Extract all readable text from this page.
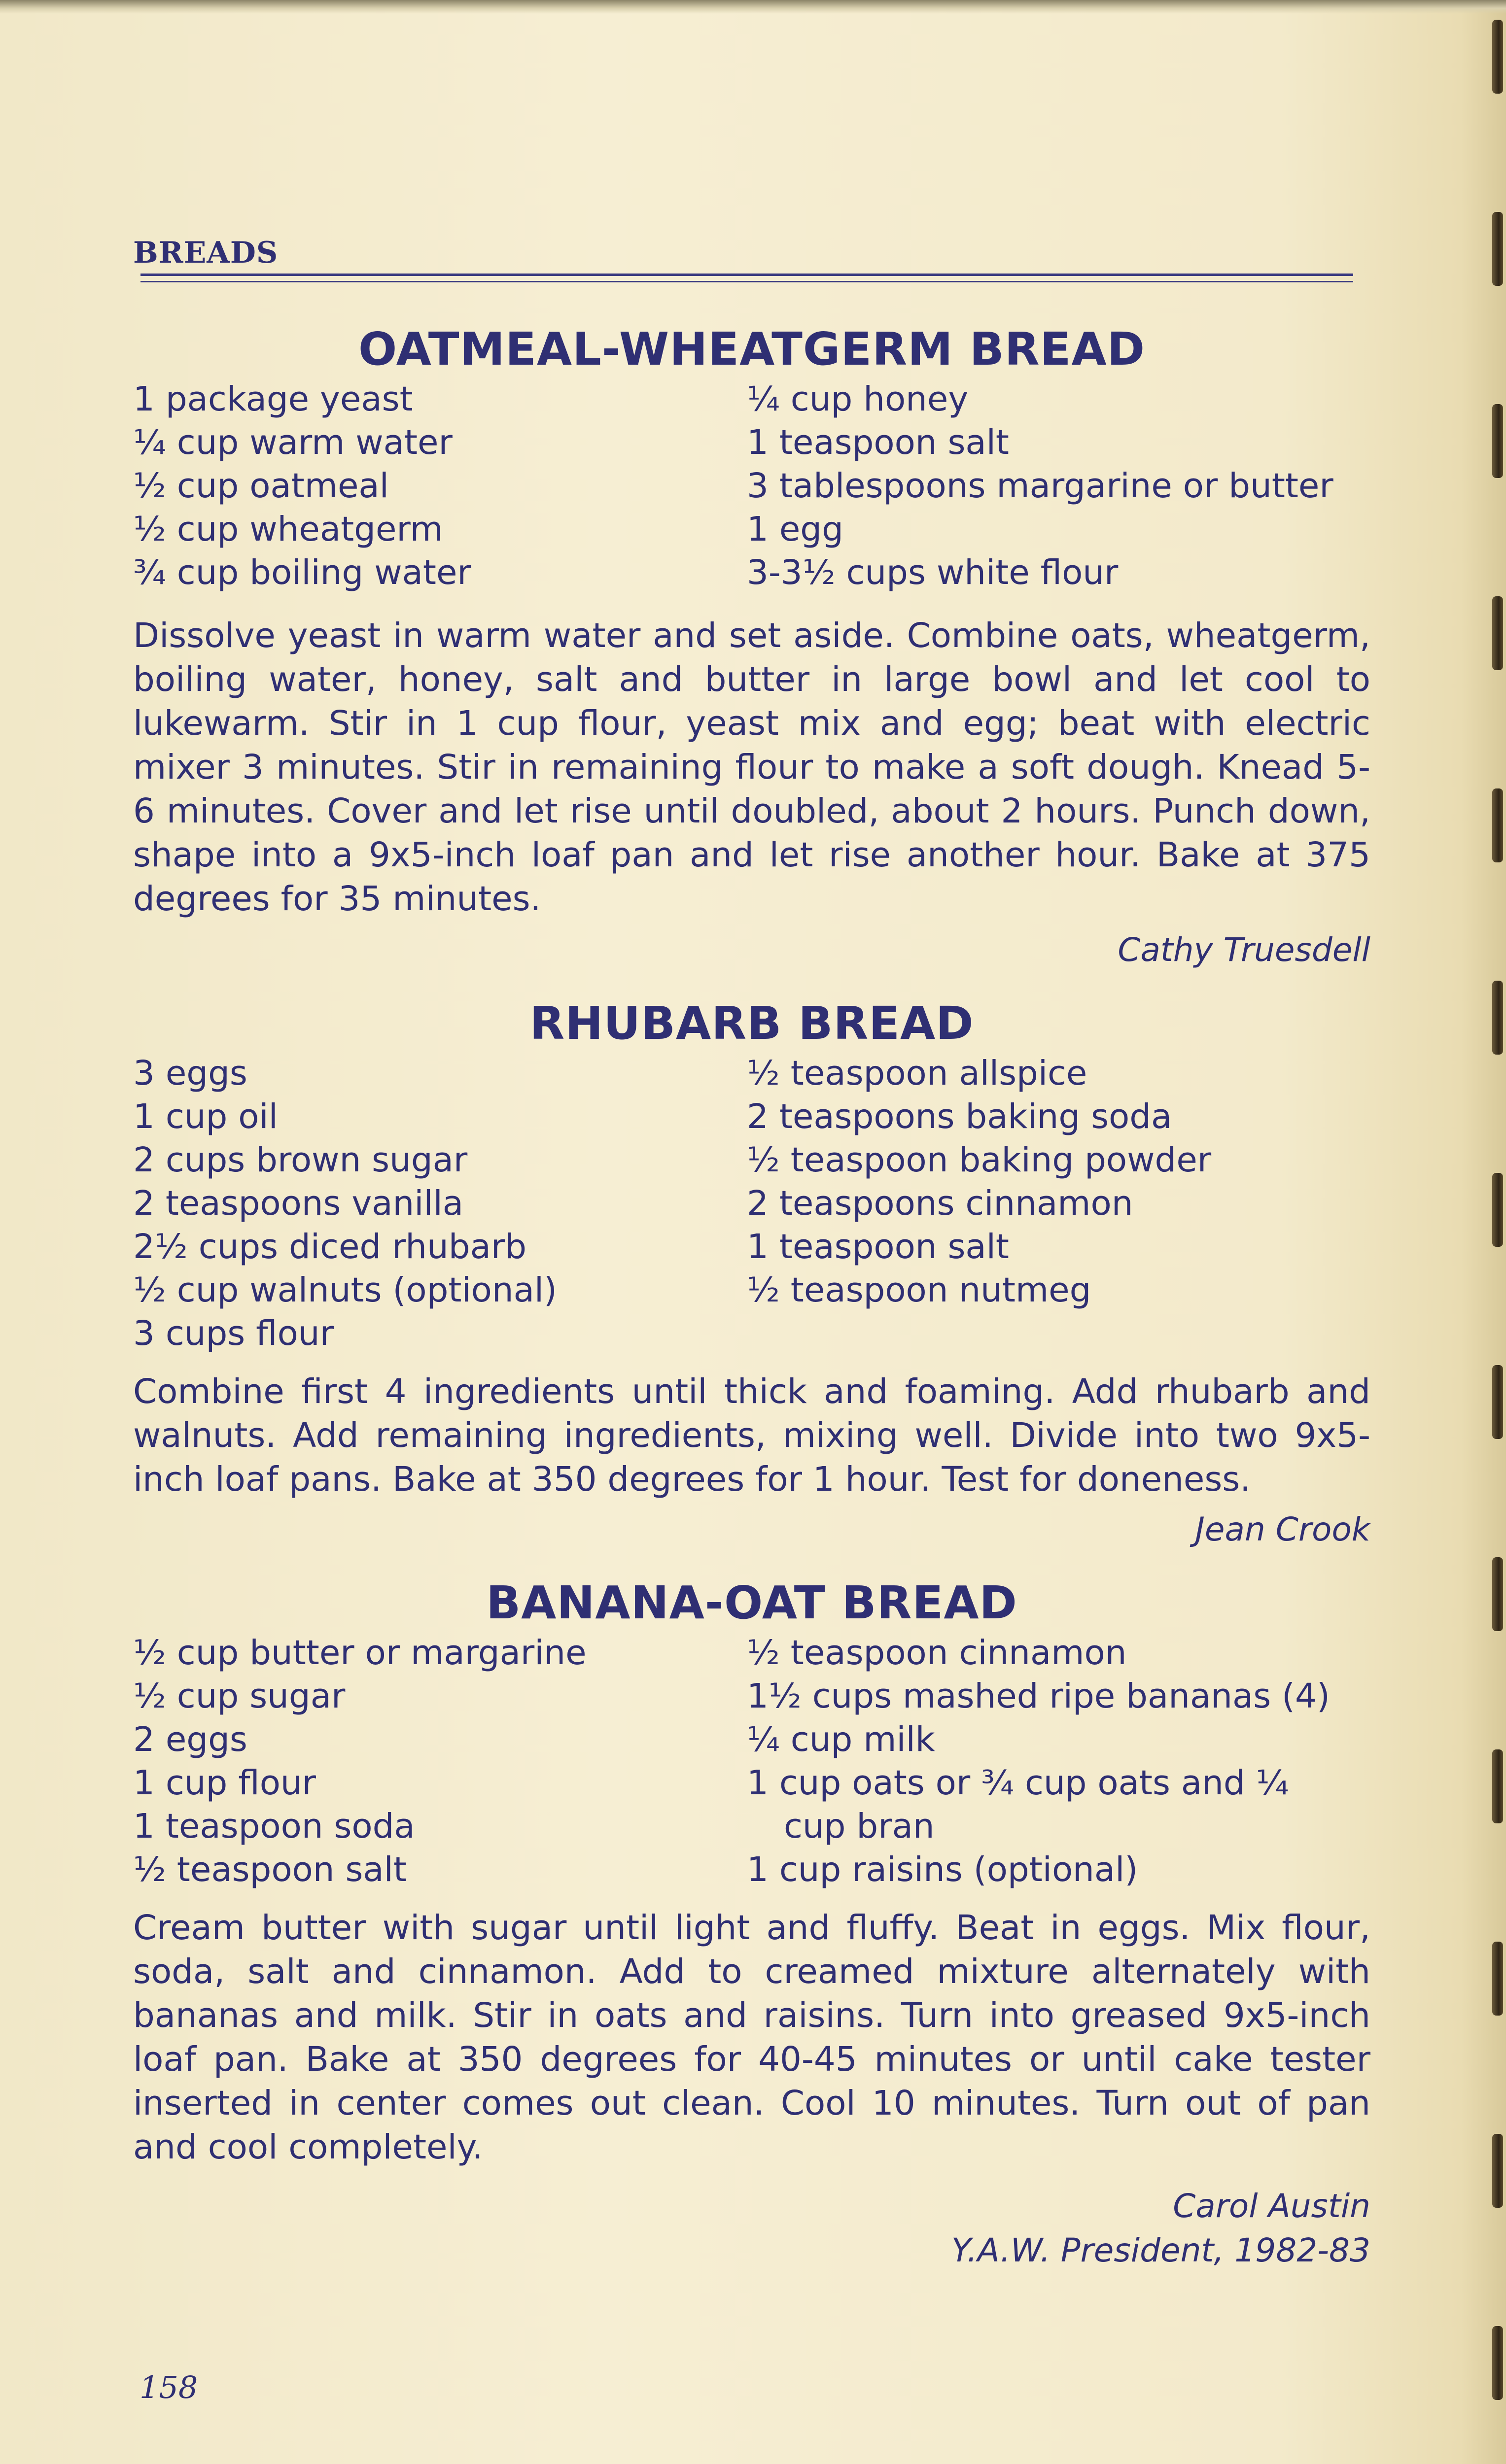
BREADS
OATMEAL-WHEATGERM BREAD
1 package yeast
¼ cup warm water
½ cup oatmeal
½ cup wheatgerm
¾ cup boiling water
¼ cup honey
1 teaspoon salt
3 tablespoons margarine or butter
1 egg
3-3½ cups white flour

Dissolve yeast in warm water and set aside. Combine oats, wheatgerm, boiling water, honey, salt and butter in large bowl and let cool to lukewarm. Stir in 1 cup flour, yeast mix and egg; beat with electric mixer 3 minutes. Stir in remaining flour to make a soft dough. Knead 5-6 minutes. Cover and let rise until doubled, about 2 hours. Punch down, shape into a 9x5-inch loaf pan and let rise another hour. Bake at 375 degrees for 35 minutes.

Cathy Truesdell
RHUBARB BREAD
3 eggs
1 cup oil
2 cups brown sugar
2 teaspoons vanilla
2½ cups diced rhubarb
½ cup walnuts (optional)
3 cups flour
½ teaspoon allspice
2 teaspoons baking soda
½ teaspoon baking powder
2 teaspoons cinnamon
1 teaspoon salt
½ teaspoon nutmeg

Combine first 4 ingredients until thick and foaming. Add rhubarb and walnuts. Add remaining ingredients, mixing well. Divide into two 9x5-inch loaf pans. Bake at 350 degrees for 1 hour. Test for doneness.

Jean Crook
BANANA-OAT BREAD
½ cup butter or margarine
½ cup sugar
2 eggs
1 cup flour
1 teaspoon soda
½ teaspoon salt
½ teaspoon cinnamon
1½ cups mashed ripe bananas (4)
¼ cup milk
1 cup oats or ¾ cup oats and ¼
cup bran
1 cup raisins (optional)

Cream butter with sugar until light and fluffy. Beat in eggs. Mix flour, soda, salt and cinnamon. Add to creamed mixture alternately with bananas and milk. Stir in oats and raisins. Turn into greased 9x5-inch loaf pan. Bake at 350 degrees for 40-45 minutes or until cake tester inserted in center comes out clean. Cool 10 minutes. Turn out of pan and cool completely.

Carol Austin
Y.A.W. President, 1982-83
158
